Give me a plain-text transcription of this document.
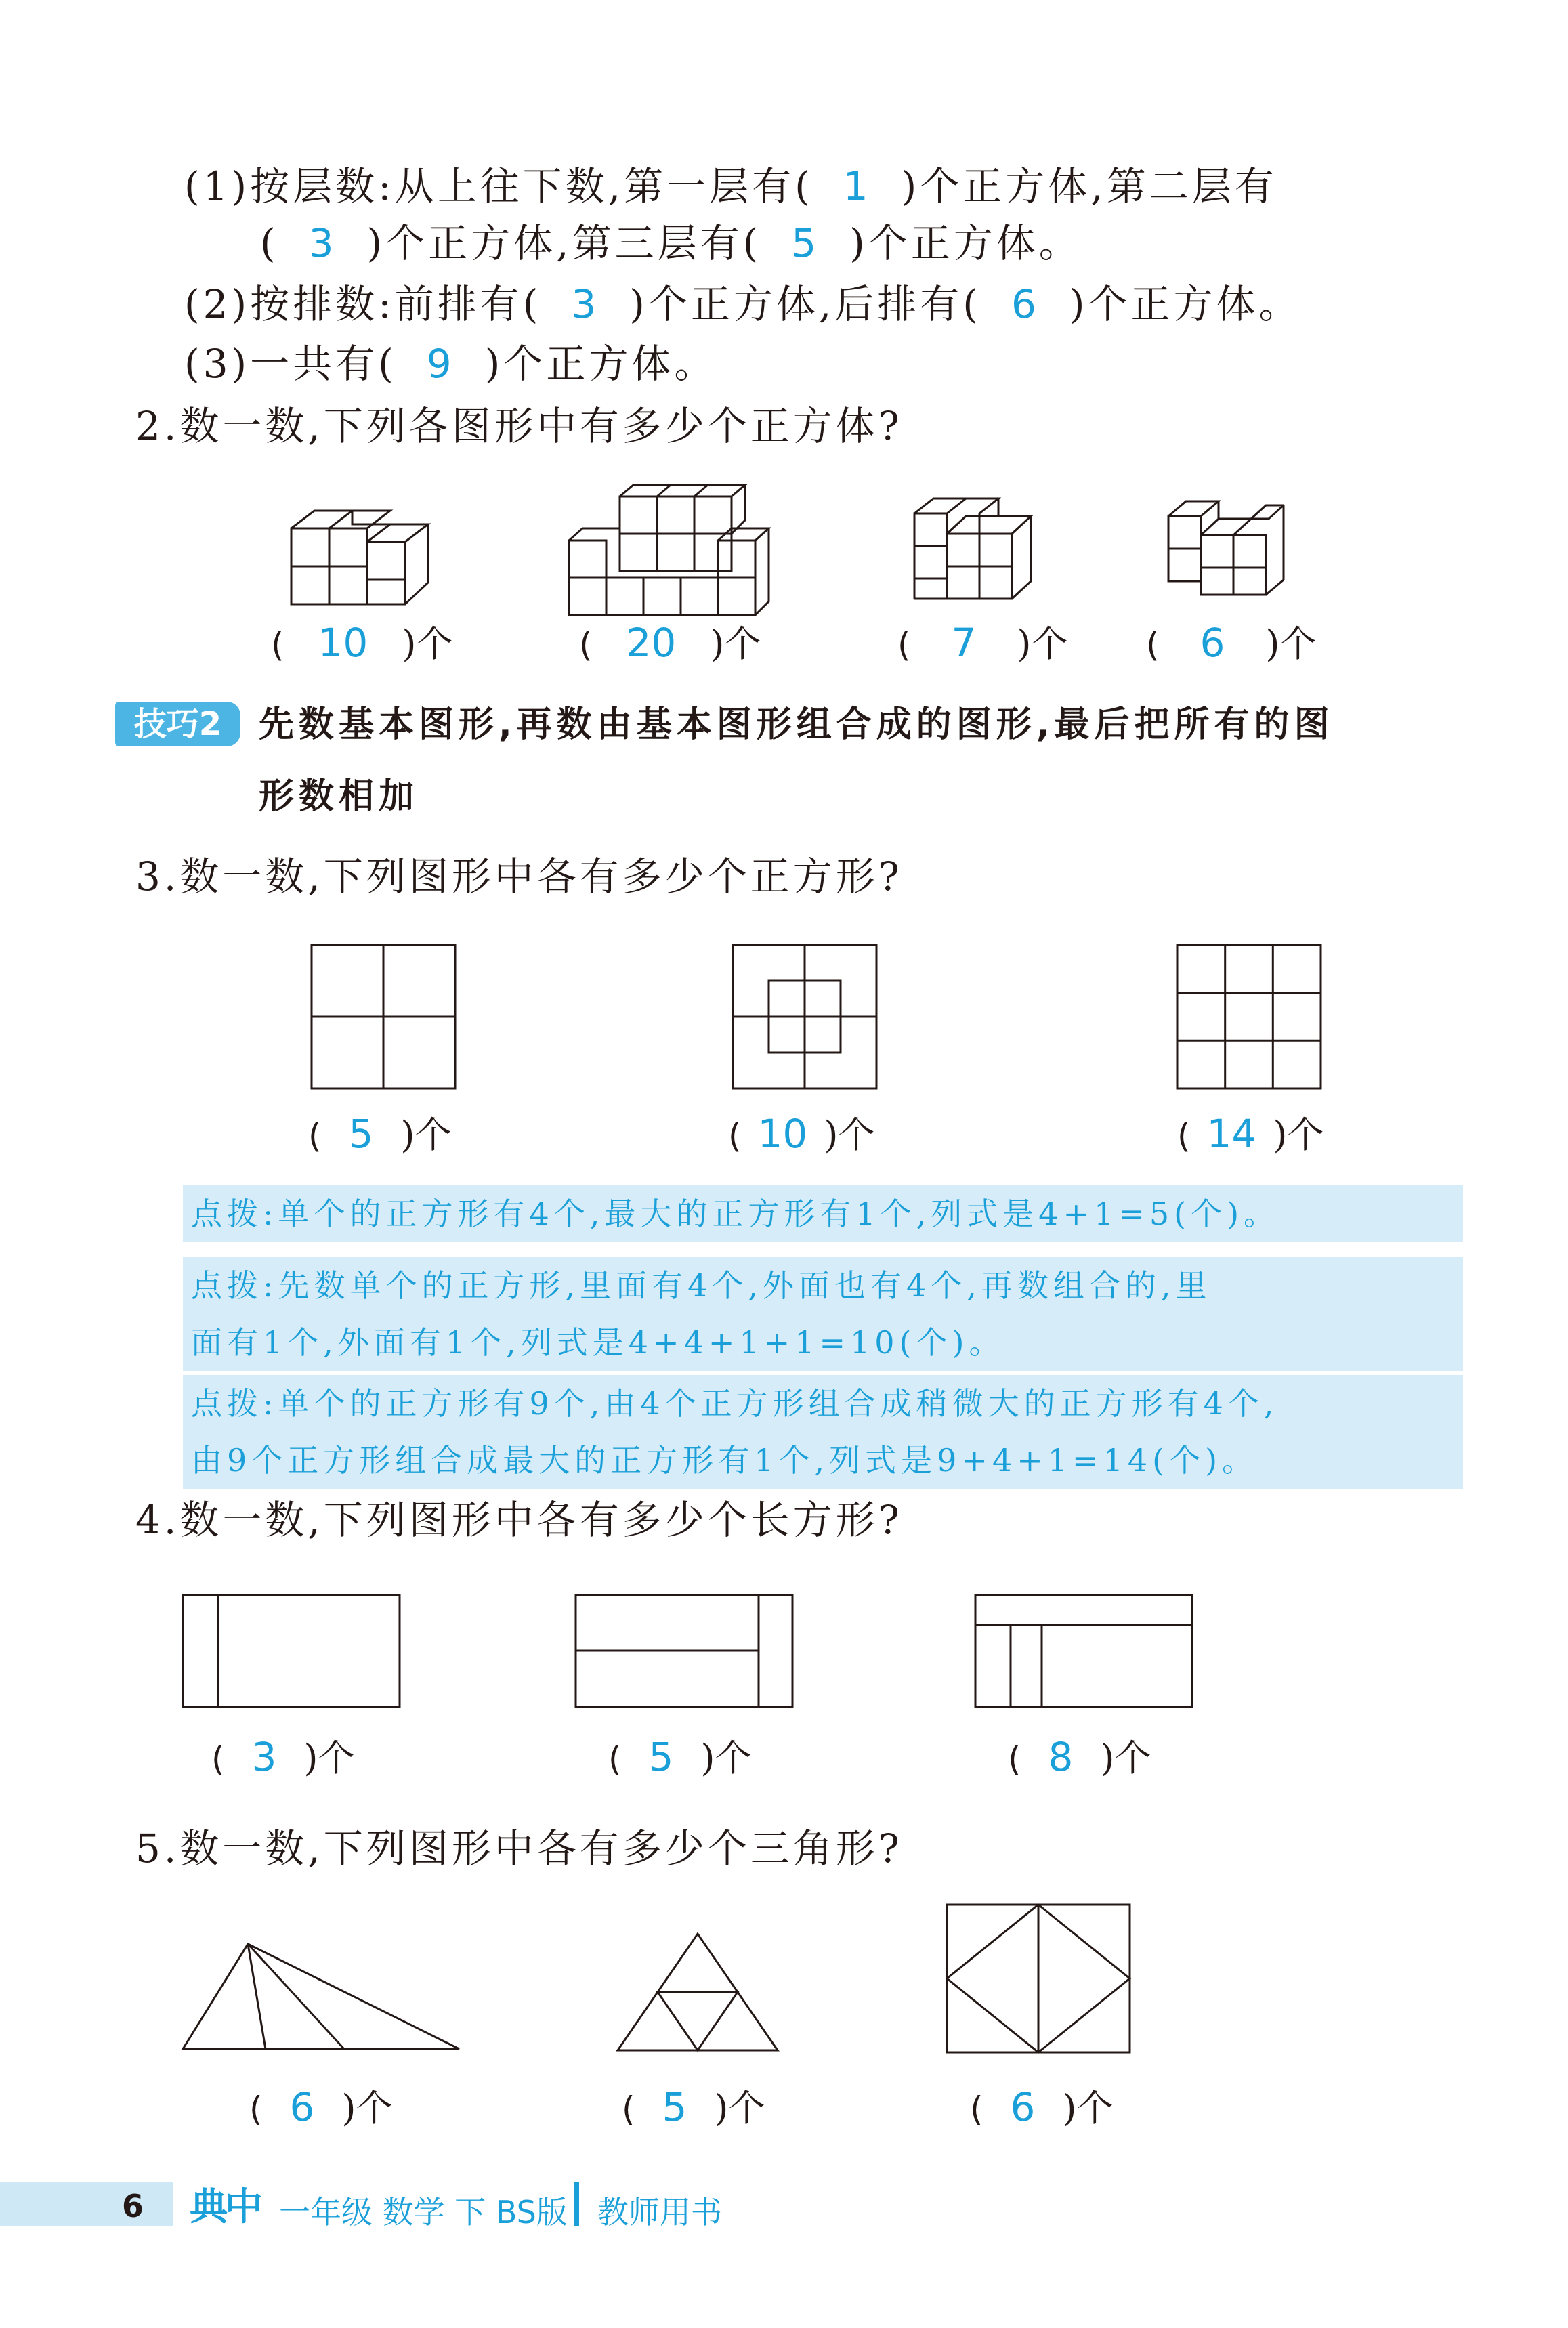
(1)按层数:从上往下数,第一层有( 1 )个正方体,第二层有
( 3 )个正方体,第三层有( 5 )个正方体。
(2)按排数:前排有( 3 )个正方体,后排有( 6 )个正方体。
(3)一共有( 9 )个正方体。
2.数一数,下列各图形中有多少个正方体?
( 10 )个	( 20 )个	( 7 )个 ( 6 )个
技巧2	先数基本图形,再数由基本图形组合成的图形,最后把所有的图
形数相加
3.数一数,下列图形中各有多少个正方形?
( 5 )个	( 10 )个	( 14 )个
点拨:单个的正方形有4个,最大的正方形有1个,列式是4+1=5(个)。
点拨:先数单个的正方形,里面有4个,外面也有4个,再数组合的,里
面有1个,外面有1个,列式是4+4+1+1=10(个)。
点拨:单个的正方形有9个,由4个正方形组合成稍微大的正方形有4个,
由9个正方形组合成最大的正方形有1个,列式是9+4+1=14(个)。
4.数一数,下列图形中各有多少个长方形?
( 3 )个	( 5 )个	( 8 )个
5.数一数,下列图形中各有多少个三角形?
( 6 )个	( 5 )个	( 6 )个
6 典中 一年级 数学 下 BS版 教师用书
